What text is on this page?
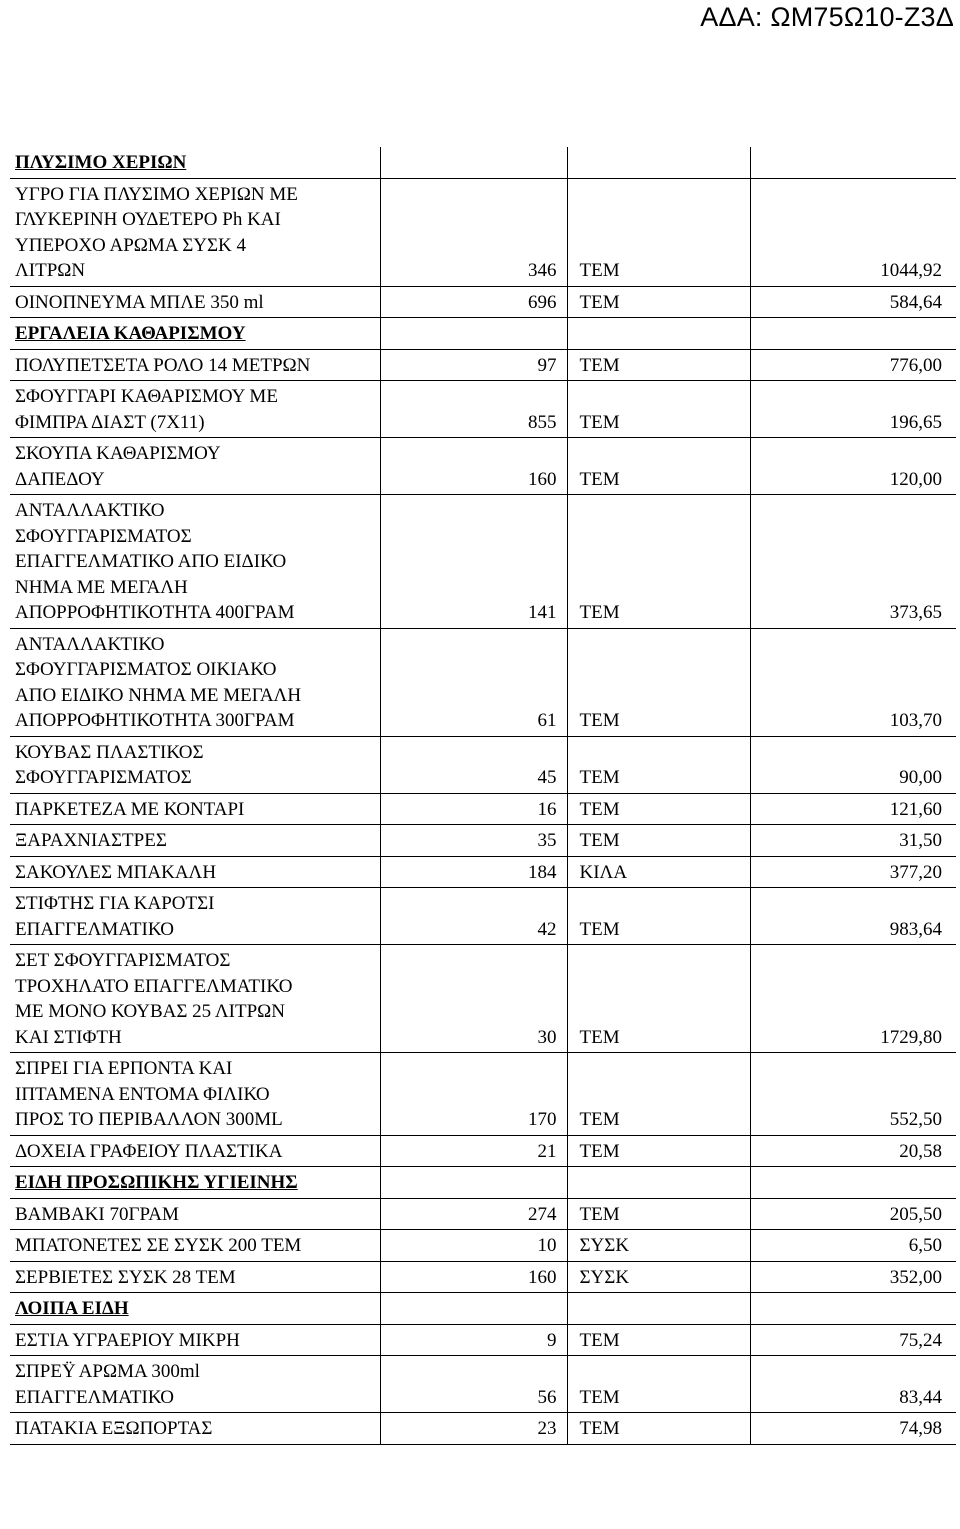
ΑΔΑ: ΩΜ75Ω10-Ζ3Δ
ΠΛΥΣΙΜΟ ΧΕΡΙΩΝ			

ΥΓΡΟ ΓΙΑ ΠΛΥΣΙΜΟ ΧΕΡΙΩΝ ΜΕ
ΓΛΥΚΕΡΙΝΗ ΟΥΔΕΤΕΡΟ Ph ΚΑΙ
ΥΠΕΡΟΧΟ ΑΡΩΜΑ ΣΥΣΚ 4
ΛΙΤΡΩΝ	346	ΤΕΜ	1044,92

ΟΙΝΟΠΝΕΥΜΑ ΜΠΛΕ 350 ml	696	ΤΕΜ	584,64

ΕΡΓΑΛΕΙΑ ΚΑΘΑΡΙΣΜΟΥ			

ΠΟΛΥΠΕΤΣΕΤΑ ΡΟΛΟ 14 ΜΕΤΡΩΝ	97	ΤΕΜ	776,00

ΣΦΟΥΓΓΑΡΙ ΚΑΘΑΡΙΣΜΟΥ ΜΕ
ΦΙΜΠΡΑ ΔΙΑΣΤ (7Χ11)	855	ΤΕΜ	196,65

ΣΚΟΥΠΑ ΚΑΘΑΡΙΣΜΟΥ
ΔΑΠΕΔΟΥ	160	ΤΕΜ	120,00

ΑΝΤΑΛΛΑΚΤΙΚΟ
ΣΦΟΥΓΓΑΡΙΣΜΑΤΟΣ
ΕΠΑΓΓΕΛΜΑΤΙΚΟ ΑΠΟ ΕΙΔΙΚΟ
ΝΗΜΑ ΜΕ ΜΕΓΑΛΗ
ΑΠΟΡΡΟΦΗΤΙΚΟΤΗΤΑ 400ΓΡΑΜ	141	ΤΕΜ	373,65

ΑΝΤΑΛΛΑΚΤΙΚΟ
ΣΦΟΥΓΓΑΡΙΣΜΑΤΟΣ ΟΙΚΙΑΚΟ
ΑΠΟ ΕΙΔΙΚΟ ΝΗΜΑ ΜΕ ΜΕΓΑΛΗ
ΑΠΟΡΡΟΦΗΤΙΚΟΤΗΤΑ 300ΓΡΑΜ	61	ΤΕΜ	103,70

ΚΟΥΒΑΣ ΠΛΑΣΤΙΚΟΣ
ΣΦΟΥΓΓΑΡΙΣΜΑΤΟΣ	45	ΤΕΜ	90,00

ΠΑΡΚΕΤΕΖΑ ΜΕ ΚΟΝΤΑΡΙ	16	ΤΕΜ	121,60

ΞΑΡΑΧΝΙΑΣΤΡΕΣ	35	ΤΕΜ	31,50

ΣΑΚΟΥΛΕΣ ΜΠΑΚΑΛΗ	184	ΚΙΛΑ	377,20

ΣΤΙΦΤΗΣ ΓΙΑ ΚΑΡΟΤΣΙ
ΕΠΑΓΓΕΛΜΑΤΙΚΟ	42	ΤΕΜ	983,64

ΣΕΤ ΣΦΟΥΓΓΑΡΙΣΜΑΤΟΣ
ΤΡΟΧΗΛΑΤΟ ΕΠΑΓΓΕΛΜΑΤΙΚΟ
ΜΕ ΜΟΝΟ ΚΟΥΒΑΣ 25 ΛΙΤΡΩΝ
ΚΑΙ ΣΤΙΦΤΗ	30	ΤΕΜ	1729,80

ΣΠΡΕΙ ΓΙΑ ΕΡΠΟΝΤΑ ΚΑΙ
ΙΠΤΑΜΕΝΑ ΕΝΤΟΜΑ ΦΙΛΙΚΟ
ΠΡΟΣ ΤΟ ΠΕΡΙΒΑΛΛΟΝ 300ML	170	ΤΕΜ	552,50

ΔΟΧΕΙΑ ΓΡΑΦΕΙΟΥ ΠΛΑΣΤΙΚΑ	21	ΤΕΜ	20,58

ΕΙΔΗ ΠΡΟΣΩΠΙΚΗΣ ΥΓΙΕΙΝΗΣ			

ΒΑΜΒΑΚΙ 70ΓΡΑΜ	274	ΤΕΜ	205,50

ΜΠΑΤΟΝΕΤΕΣ ΣΕ ΣΥΣΚ 200 ΤΕΜ	10	ΣΥΣΚ	6,50

ΣΕΡΒΙΕΤΕΣ ΣΥΣΚ 28 ΤΕΜ	160	ΣΥΣΚ	352,00

ΛΟΙΠΑ ΕΙΔΗ			

ΕΣΤΙΑ ΥΓΡΑΕΡΙΟΥ ΜΙΚΡΗ	9	ΤΕΜ	75,24

ΣΠΡΕΫ ΑΡΩΜΑ 300ml
ΕΠΑΓΓΕΛΜΑΤΙΚΟ	56	ΤΕΜ	83,44

ΠΑΤΑΚΙΑ ΕΞΩΠΟΡΤΑΣ	23	ΤΕΜ	74,98
